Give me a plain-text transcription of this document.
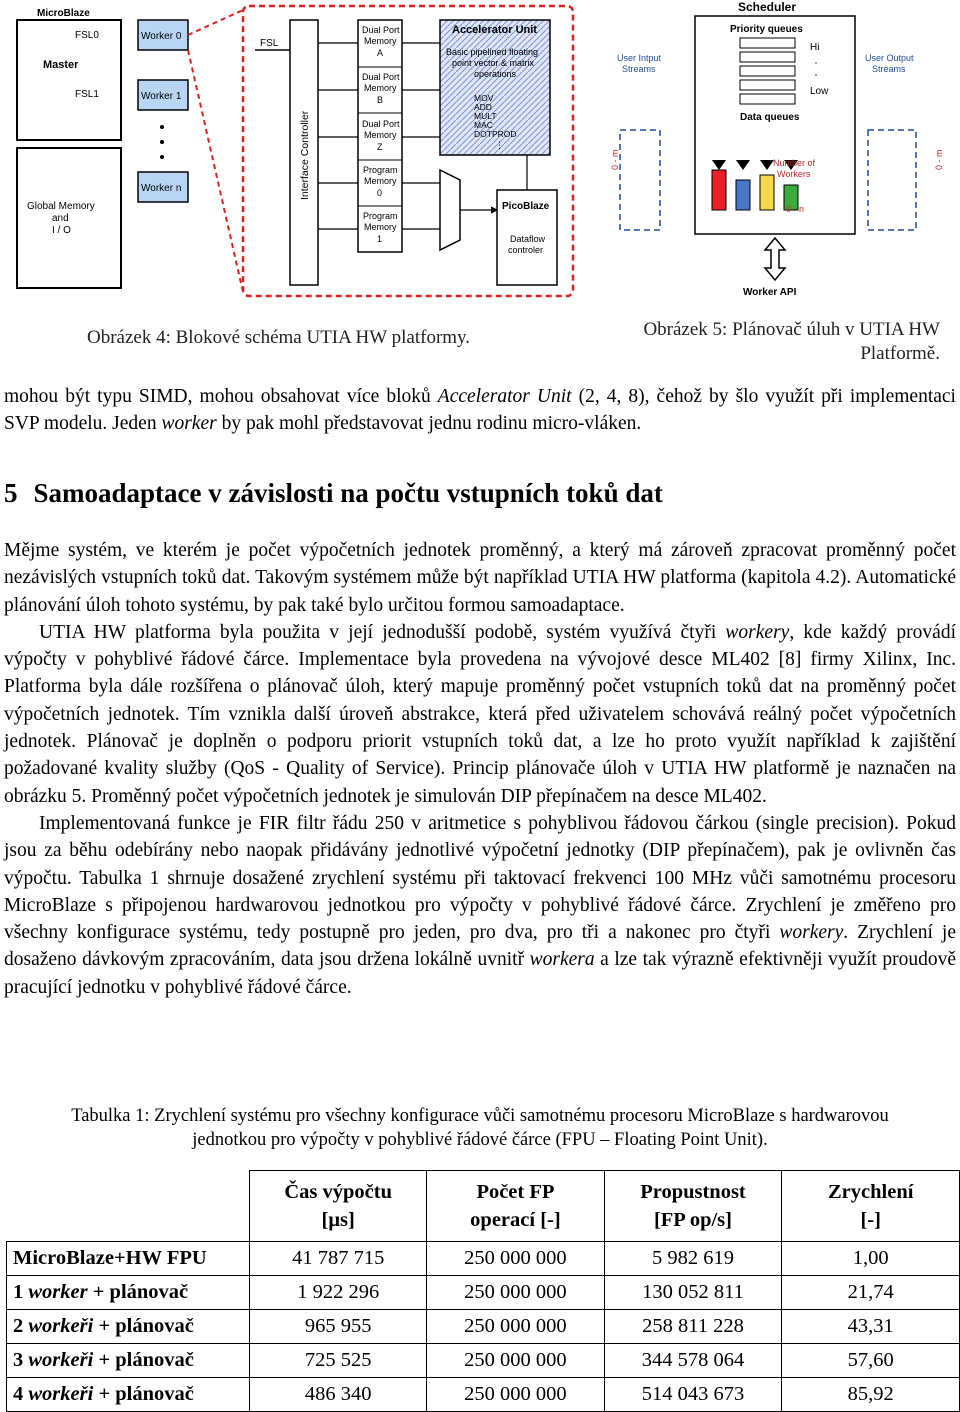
MicroBlaze
FSL0
FSL1
Master
Global Memory
and
I / O
Worker 0
Worker 1
Worker n
FSL
Interface Controller
Dual Port
Memory
A
Dual Port
Memory
B
Dual Port
Memory
Z
Program
Memory
0
Program
Memory
1
Accelerator Unit
Basic pipelined floating
point vector & matrix
operations
MOV
ADD
MULT
MAC
DOTPROD
⋮
PicoBlaze
Dataflow
controler
Obrázek 4: Blokové schéma UTIA HW platformy.
Scheduler
Priority queues
Hi
·
·
Low
Data queues
Number of
Workers
0 - n
User Intput
Streams
0 - m
User Output
Streams
0 - m
Worker API
Obrázek 5: Plánovač úluh v UTIA HW
Platformě.

mohou být typu SIMD, mohou obsahovat více bloků Accelerator Unit (2, 4, 8), čehož by šlo využít při implementaci SVP modelu. Jeden worker by pak mohl představovat jednu rodinu micro-vláken.

5 Samoadaptace v závislosti na počtu vstupních toků dat

Mějme systém, ve kterém je počet výpočetních jednotek proměnný, a který má zároveň zpracovat proměnný počet nezávislých vstupních toků dat. Takovým systémem může být například UTIA HW platforma (kapitola 4.2). Automatické plánování úloh tohoto systému, by pak také bylo určitou formou samoadaptace.

UTIA HW platforma byla použita v její jednodušší podobě, systém využívá čtyři workery, kde každý provádí výpočty v pohyblivé řádové čárce. Implementace byla provedena na vývojové desce ML402 [8] firmy Xilinx, Inc. Platforma byla dále rozšířena o plánovač úloh, který mapuje proměnný počet vstupních toků dat na proměnný počet výpočetních jednotek. Tím vznikla další úroveň abstrakce, která před uživatelem schovává reálný počet výpočetních jednotek. Plánovač je doplněn o podporu priorit vstupních toků dat, a lze ho proto využít například k zajištění požadované kvality služby (QoS - Quality of Service). Princip plánovače úloh v UTIA HW platformě je naznačen na obrázku 5. Proměnný počet výpočetních jednotek je simulován DIP přepínačem na desce ML402.

Implementovaná funkce je FIR filtr řádu 250 v aritmetice s pohyblivou řádovou čárkou (single precision). Pokud jsou za běhu odebírány nebo naopak přidávány jednotlivé výpočetní jednotky (DIP přepínačem), pak je ovlivněn čas výpočtu. Tabulka 1 shrnuje dosažené zrychlení systému při taktovací frekvenci 100 MHz vůči samotnému procesoru MicroBlaze s připojenou hardwarovou jednotkou pro výpočty v pohyblivé řádové čárce. Zrychlení je změřeno pro všechny konfigurace systému, tedy postupně pro jeden, pro dva, pro tři a nakonec pro čtyři workery. Zrychlení je dosaženo dávkovým zpracováním, data jsou držena lokálně uvnitř workera a lze tak výrazně efektivněji využít proudově pracující jednotku v pohyblivé řádové čárce.

Tabulka 1: Zrychlení systému pro všechny konfigurace vůči samotnému procesoru MicroBlaze s hardwarovou
jednotkou pro výpočty v pohyblivé řádové čárce (FPU – Floating Point Unit).
	Čas výpočtu
[μs]	Počet FP
operací [-]	Propustnost
[FP op/s]	Zrychlení
[-]
MicroBlaze+HW FPU	41 787 715	250 000 000	5 982 619	1,00
1 worker + plánovač	1 922 296	250 000 000	130 052 811	21,74
2 workeři + plánovač	965 955	250 000 000	258 811 228	43,31
3 workeři + plánovač	725 525	250 000 000	344 578 064	57,60
4 workeři + plánovač	486 340	250 000 000	514 043 673	85,92
